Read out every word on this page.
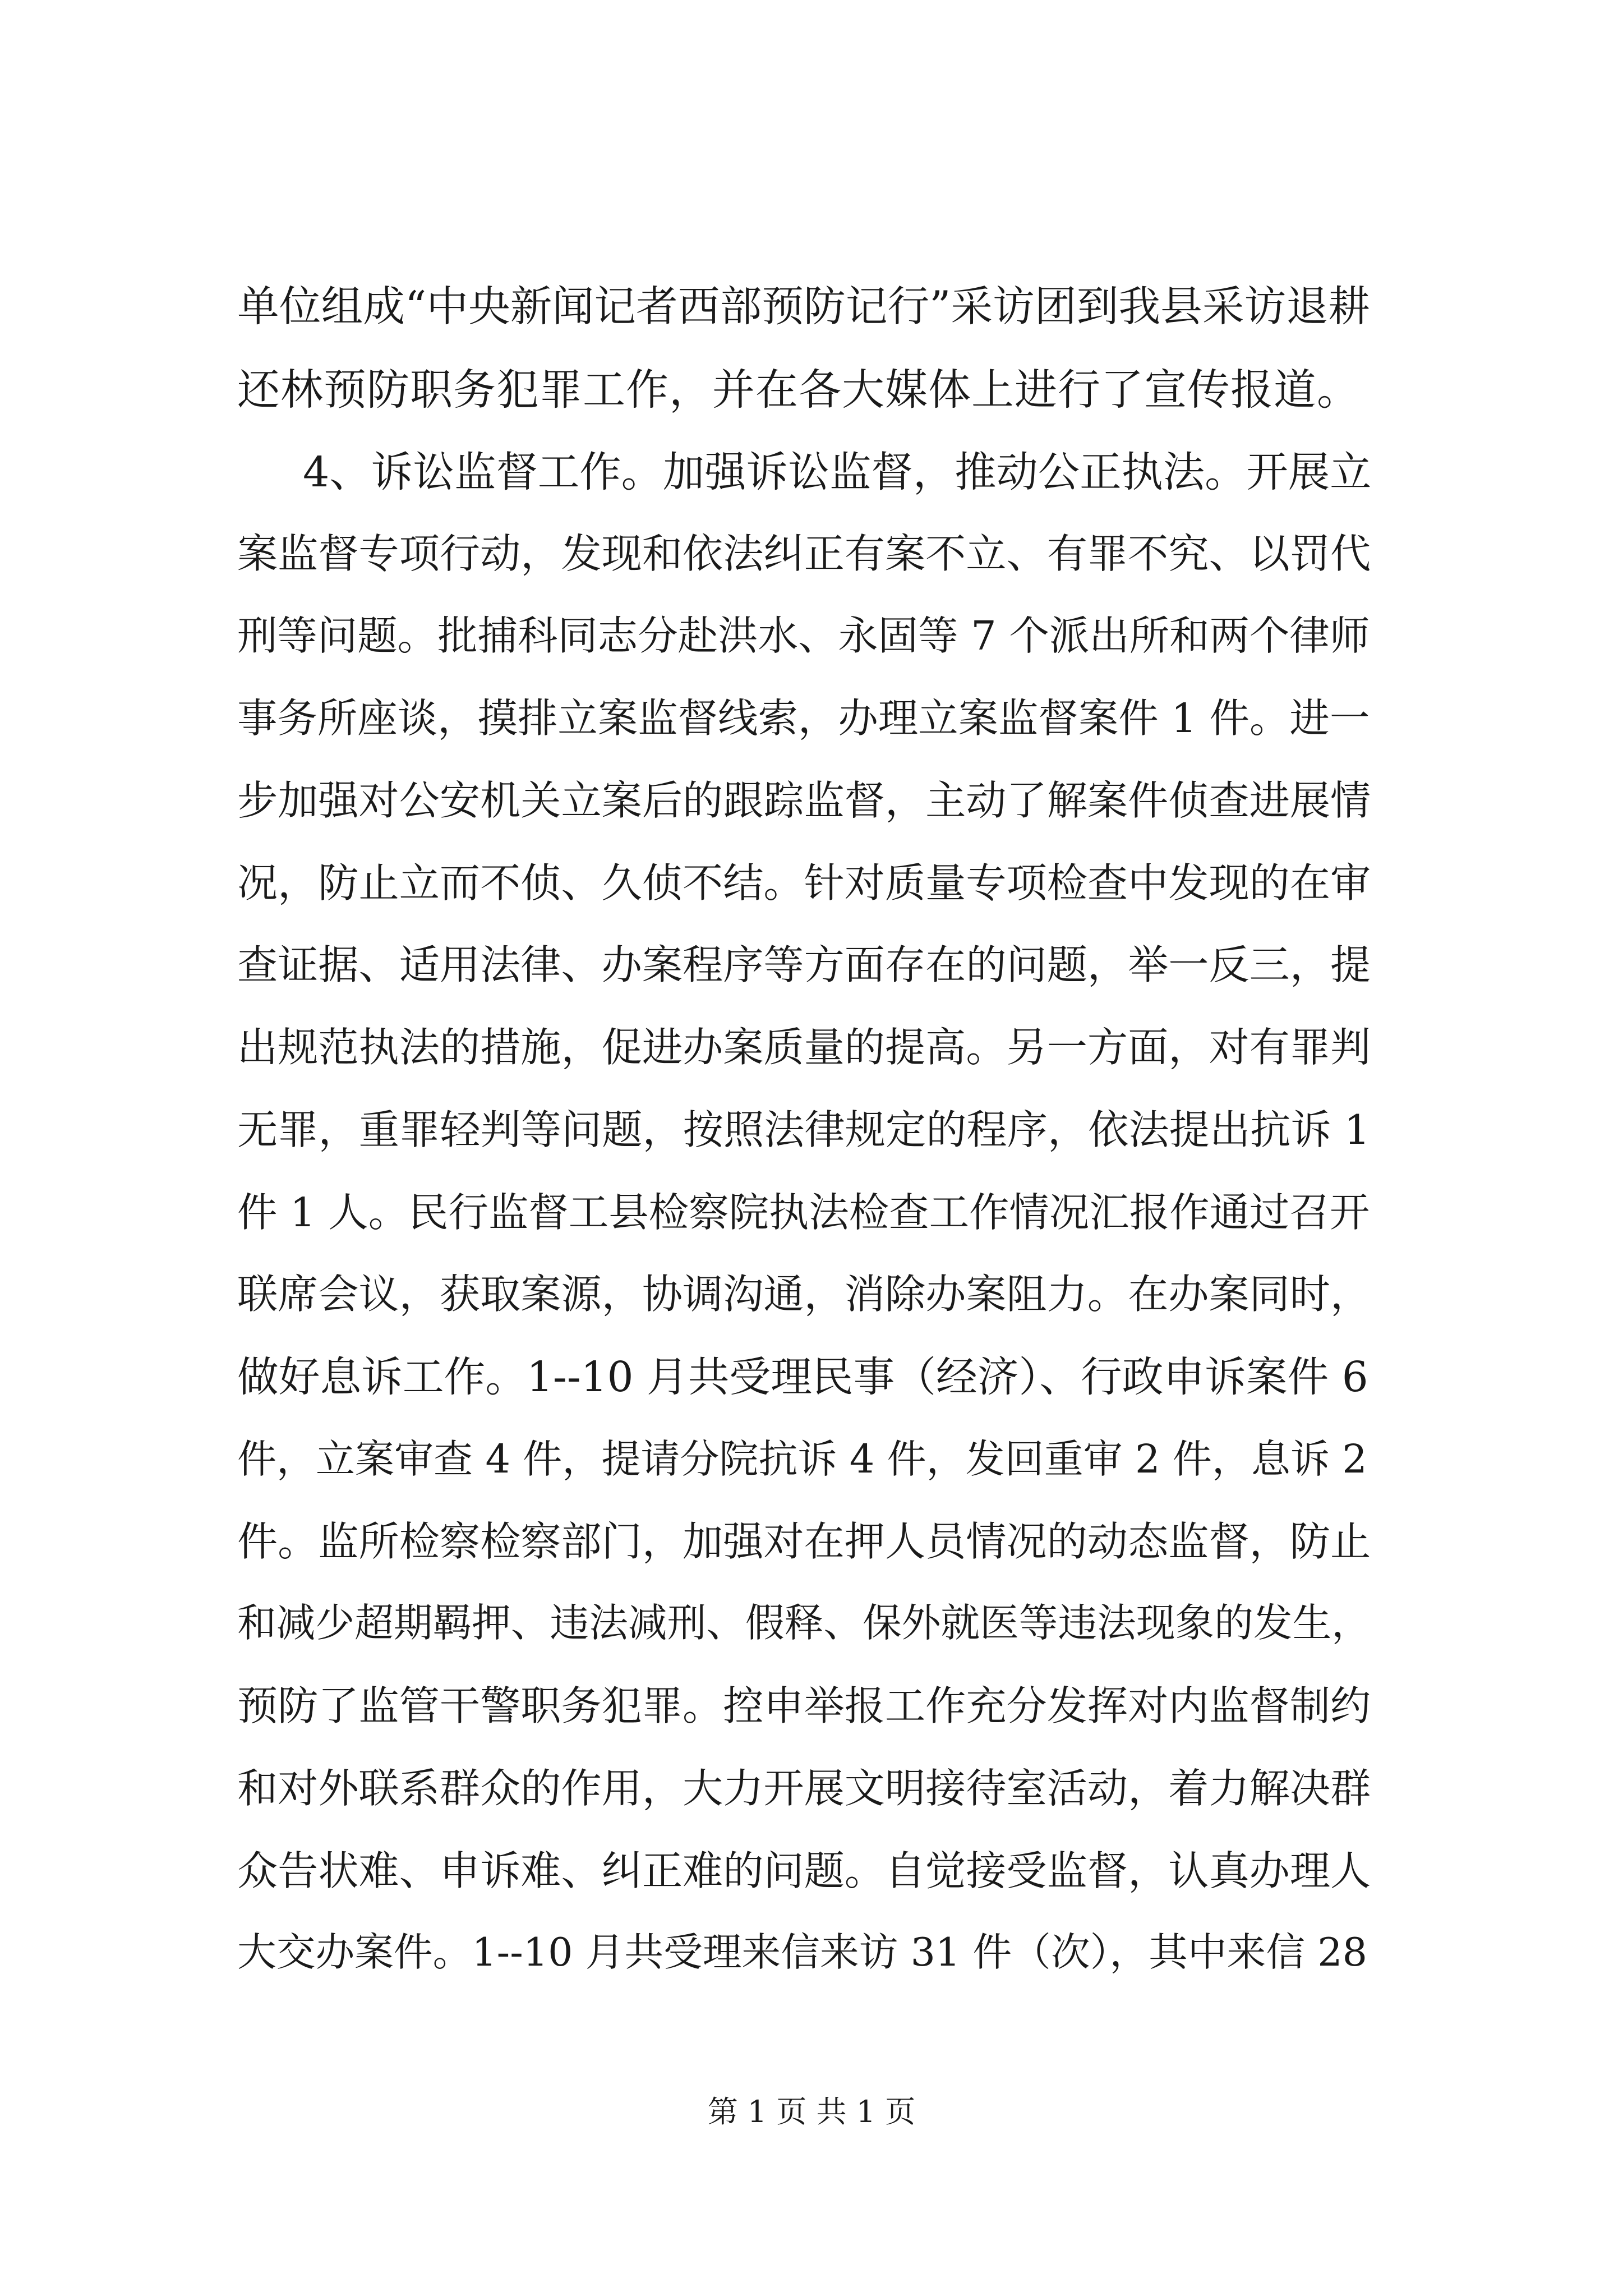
单位组成“中央新闻记者西部预防记行”采访团到我县采访退耕
还林预防职务犯罪工作，并在各大媒体上进行了宣传报道。
4、诉讼监督工作。加强诉讼监督，推动公正执法。开展立
案监督专项行动，发现和依法纠正有案不立、有罪不究、以罚代
刑等问题。批捕科同志分赴洪水、永固等 7 个派出所和两个律师
事务所座谈，摸排立案监督线索，办理立案监督案件 1 件。进一
步加强对公安机关立案后的跟踪监督，主动了解案件侦查进展情
况，防止立而不侦、久侦不结。针对质量专项检查中发现的在审
查证据、适用法律、办案程序等方面存在的问题，举一反三，提
出规范执法的措施，促进办案质量的提高。另一方面，对有罪判
无罪，重罪轻判等问题，按照法律规定的程序，依法提出抗诉 1
件 1 人。民行监督工县检察院执法检查工作情况汇报作通过召开
联席会议，获取案源，协调沟通，消除办案阻力。在办案同时，
做好息诉工作。1--10 月共受理民事（经济）、行政申诉案件 6
件，立案审查 4 件，提请分院抗诉 4 件，发回重审 2 件，息诉 2
件。监所检察检察部门，加强对在押人员情况的动态监督，防止
和减少超期羁押、违法减刑、假释、保外就医等违法现象的发生，
预防了监管干警职务犯罪。控申举报工作充分发挥对内监督制约
和对外联系群众的作用，大力开展文明接待室活动，着力解决群
众告状难、申诉难、纠正难的问题。自觉接受监督，认真办理人
大交办案件。1--10 月共受理来信来访 31 件（次），其中来信 28
第 1 页 共 1 页
